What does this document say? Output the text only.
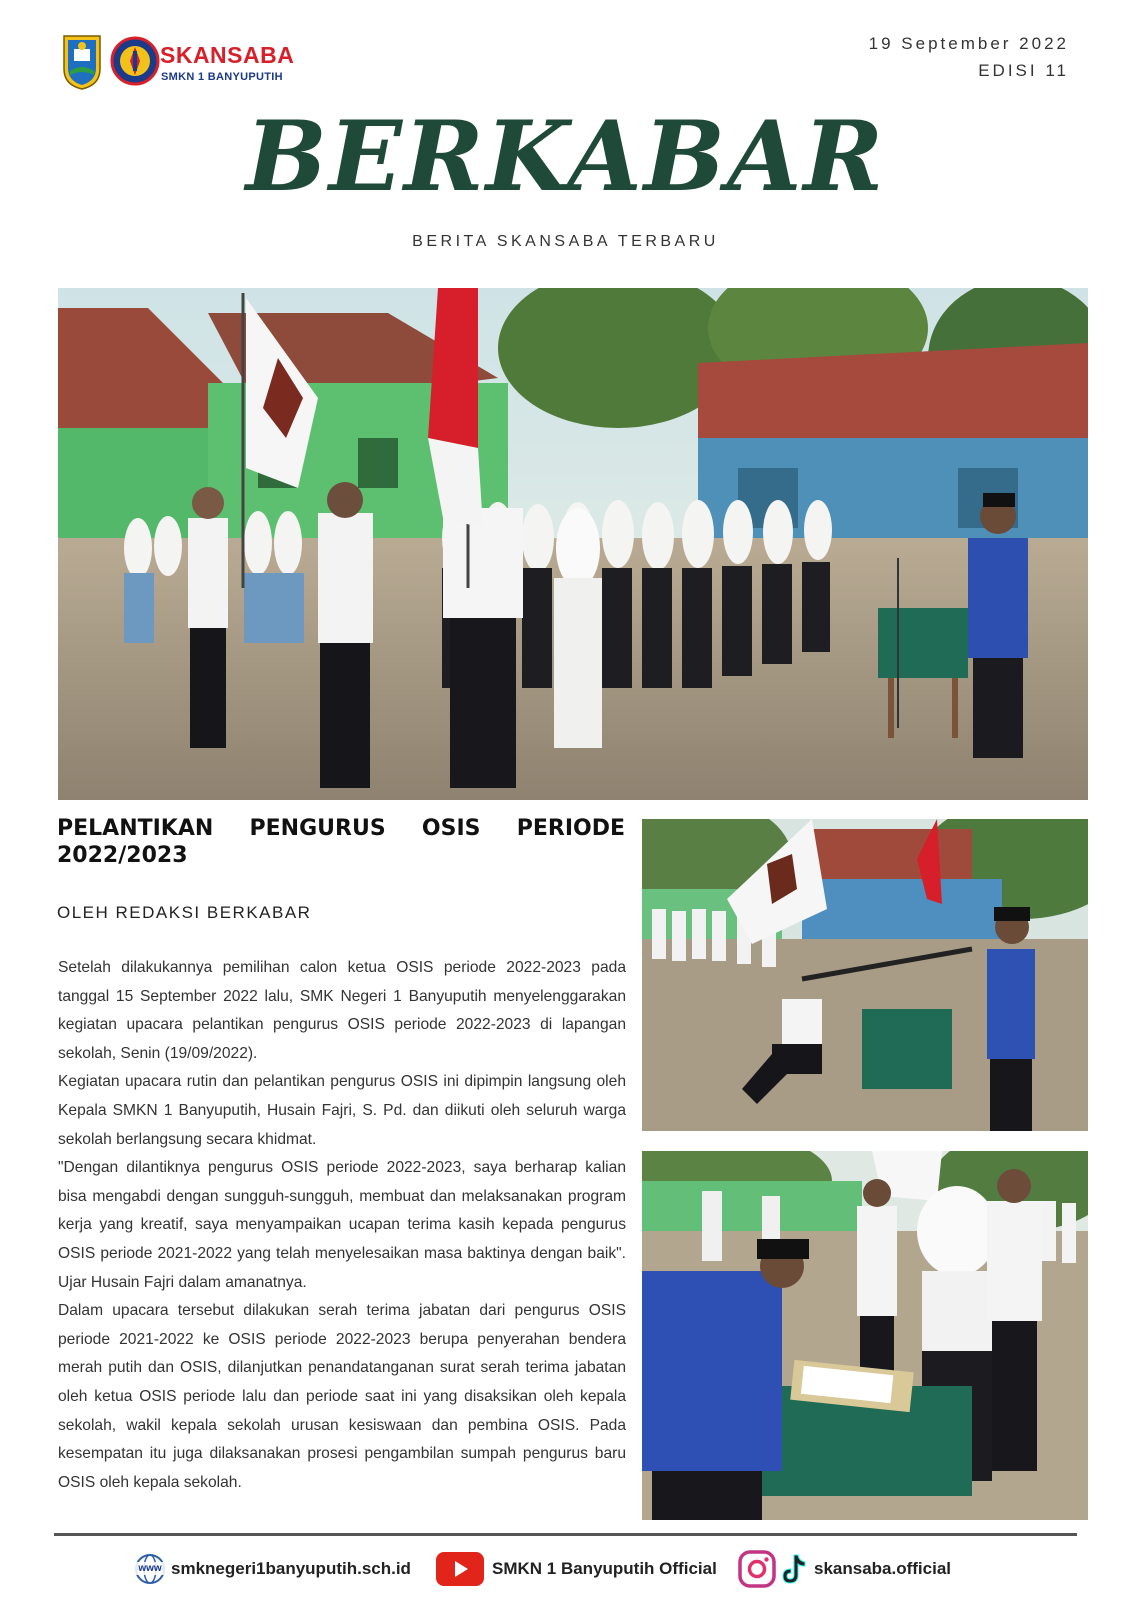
SKANSABA
SMKN 1 BANYUPUTIH
19 September 2022
EDISI 11
BERKABAR
BERITA SKANSABA TERBARU
PELANTIKAN PENGURUS OSIS PERIODE 2022/2023
OLEH REDAKSI BERKABAR

Setelah dilakukannya pemilihan calon ketua OSIS periode 2022-2023 pada tanggal 15 September 2022 lalu, SMK Negeri 1 Banyuputih menyelenggarakan kegiatan upacara pelantikan pengurus OSIS periode 2022-2023 di lapangan sekolah, Senin (19/09/2022).

Kegiatan upacara rutin dan pelantikan pengurus OSIS ini dipimpin langsung oleh Kepala SMKN 1 Banyuputih, Husain Fajri, S. Pd. dan diikuti oleh seluruh warga sekolah berlangsung secara khidmat.

"Dengan dilantiknya pengurus OSIS periode 2022-2023, saya berharap kalian bisa mengabdi dengan sungguh-sungguh, membuat dan melaksanakan program kerja yang kreatif, saya menyampaikan ucapan terima kasih kepada pengurus OSIS periode 2021-2022 yang telah menyelesaikan masa baktinya dengan baik". Ujar Husain Fajri dalam amanatnya.

Dalam upacara tersebut dilakukan serah terima jabatan dari pengurus OSIS periode 2021-2022 ke OSIS periode 2022-2023 berupa penyerahan bendera merah putih dan OSIS, dilanjutkan penandatanganan surat serah terima jabatan oleh ketua OSIS periode lalu dan periode saat ini yang disaksikan oleh kepala sekolah, wakil kepala sekolah urusan kesiswaan dan pembina OSIS. Pada kesempatan itu juga dilaksanakan prosesi pengambilan sumpah pengurus baru OSIS oleh kepala sekolah.

www smknegeri1banyuputih.sch.id	SMKN 1 Banyuputih Official	skansaba.official
